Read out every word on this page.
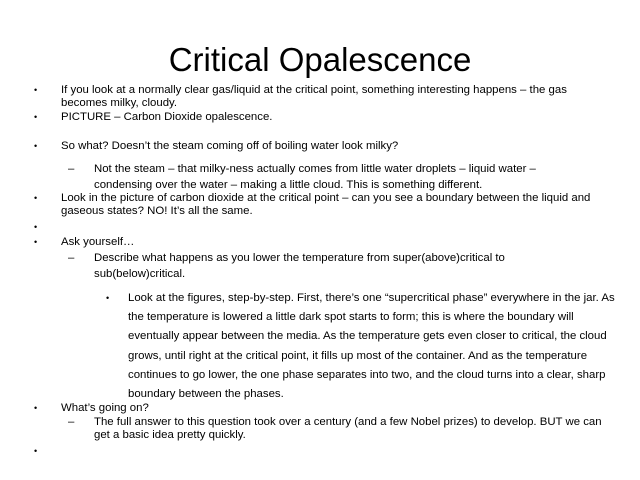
Critical Opalescence
• If you look at a normally clear gas/liquid at the critical point, something interesting happens – the gas becomes milky, cloudy.
• PICTURE – Carbon Dioxide opalescence.
• So what? Doesn’t the steam coming off of boiling water look milky?
– Not the steam – that milky-ness actually comes from little water droplets – liquid water – condensing over the water – making a little cloud. This is something different.
• Look in the picture of carbon dioxide at the critical point – can you see a boundary between the liquid and gaseous states? NO! It’s all the same.
•
• Ask yourself…
– Describe what happens as you lower the temperature from super(above)critical to sub(below)critical.
• Look at the figures, step-by-step. First, there’s one “supercritical phase” everywhere in the jar. As the temperature is lowered a little dark spot starts to form; this is where the boundary will eventually appear between the media. As the temperature gets even closer to critical, the cloud grows, until right at the critical point, it fills up most of the container. And as the temperature continues to go lower, the one phase separates into two, and the cloud turns into a clear, sharp boundary between the phases.
• What’s going on?
– The full answer to this question took over a century (and a few Nobel prizes) to develop. BUT we can get a basic idea pretty quickly.
•
